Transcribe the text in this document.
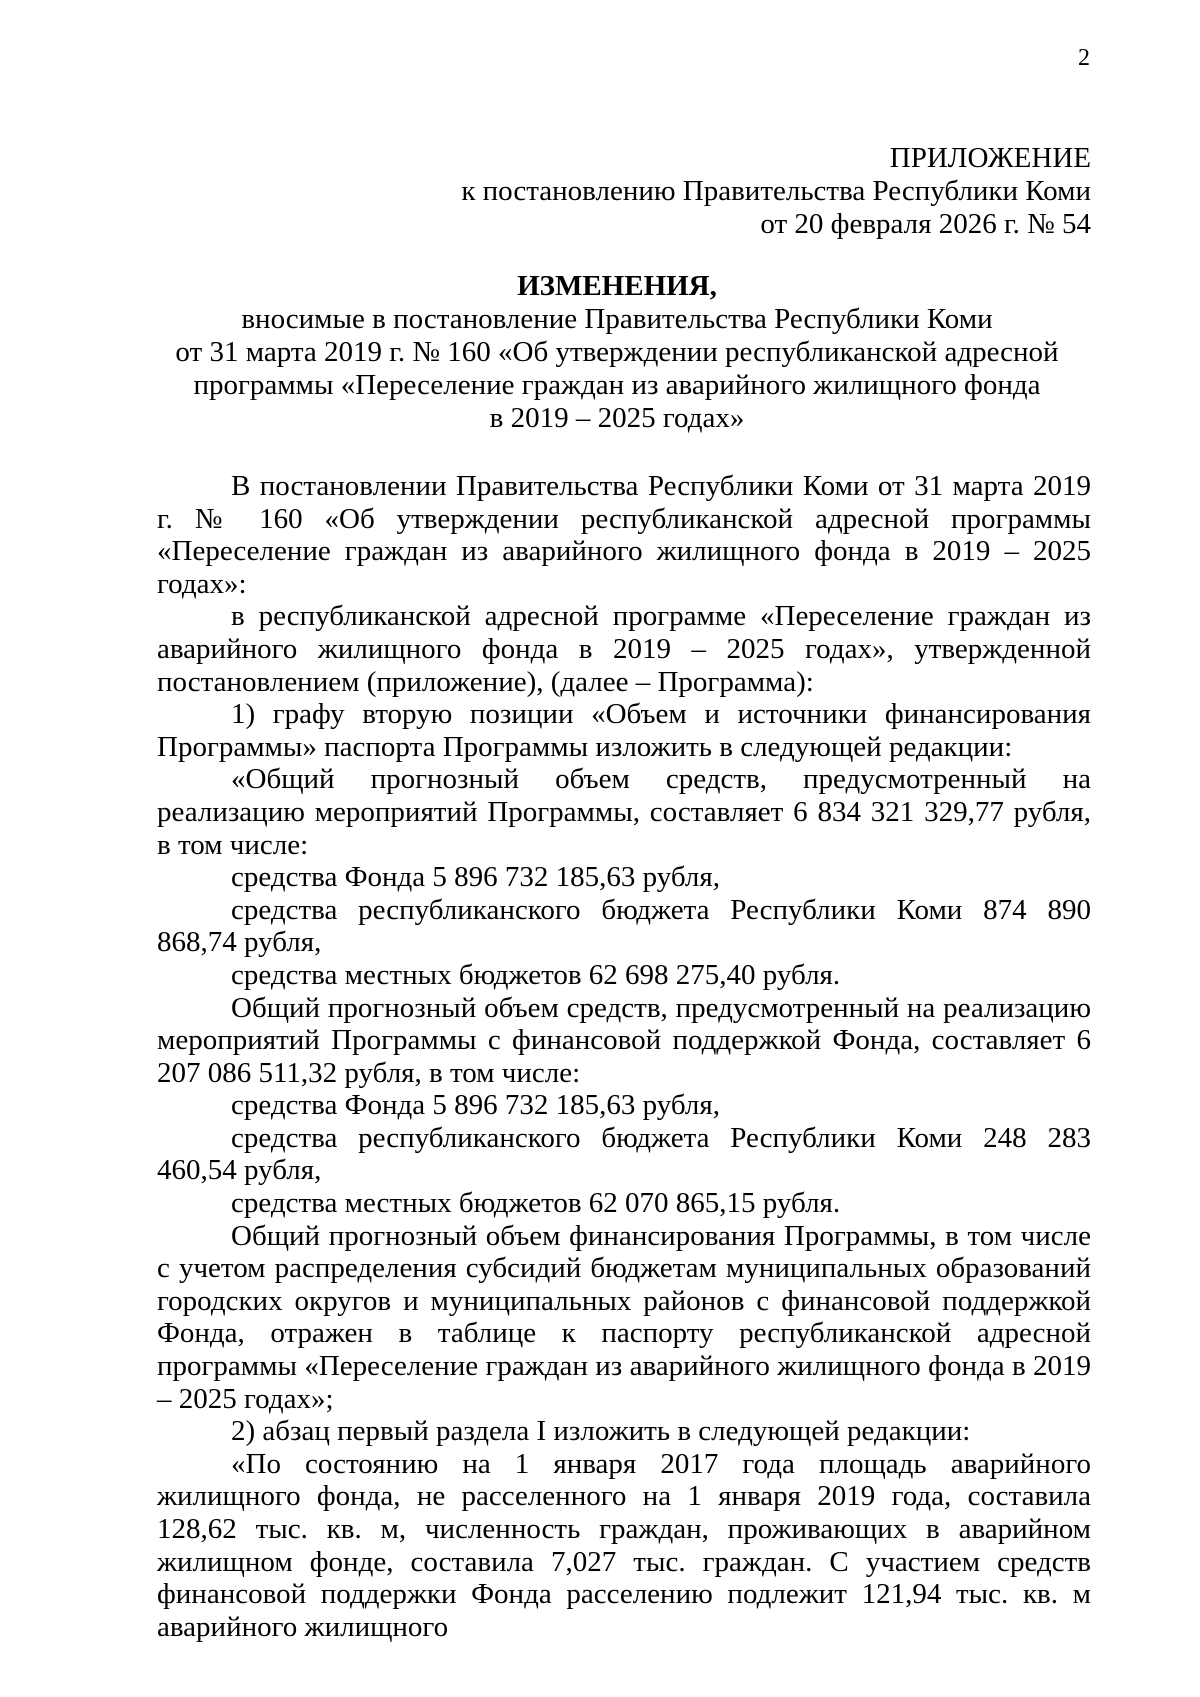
2
ПРИЛОЖЕНИЕ
к постановлению Правительства Республики Коми
от 20 февраля 2026 г. № 54
ИЗМЕНЕНИЯ,
вносимые в постановление Правительства Республики Коми
от 31 марта 2019 г. № 160 «Об утверждении республиканской адресной
программы «Переселение граждан из аварийного жилищного фонда
в 2019 – 2025 годах»

В постановлении Правительства Республики Коми от 31 марта 2019 г. № 160 «Об утверждении республиканской адресной программы «Переселение граждан из аварийного жилищного фонда в 2019 – 2025 годах»:

в республиканской адресной программе «Переселение граждан из аварийного жилищного фонда в 2019 – 2025 годах», утвержденной постановлением (приложение), (далее – Программа):

1) графу вторую позиции «Объем и источники финансирования Программы» паспорта Программы изложить в следующей редакции:

«Общий прогнозный объем средств, предусмотренный на реализацию мероприятий Программы, составляет 6 834 321 329,77 рубля, в том числе:

средства Фонда 5 896 732 185,63 рубля,

средства республиканского бюджета Республики Коми 874 890 868,74 рубля,

средства местных бюджетов 62 698 275,40 рубля.

Общий прогнозный объем средств, предусмотренный на реализацию мероприятий Программы с финансовой поддержкой Фонда, составляет 6 207 086 511,32 рубля, в том числе:

средства Фонда 5 896 732 185,63 рубля,

средства республиканского бюджета Республики Коми 248 283 460,54 рубля,

средства местных бюджетов 62 070 865,15 рубля.

Общий прогнозный объем финансирования Программы, в том числе с учетом распределения субсидий бюджетам муниципальных образований городских округов и муниципальных районов с финансовой поддержкой Фонда, отражен в таблице к паспорту республиканской адресной программы «Переселение граждан из аварийного жилищного фонда в 2019 – 2025 годах»;

2) абзац первый раздела I изложить в следующей редакции:

«По состоянию на 1 января 2017 года площадь аварийного жилищного фонда, не расселенного на 1 января 2019 года, составила 128,62 тыс. кв. м, численность граждан, проживающих в аварийном жилищном фонде, составила 7,027 тыс. граждан. С участием средств финансовой поддержки Фонда расселению подлежит 121,94 тыс. кв. м аварийного жилищного
